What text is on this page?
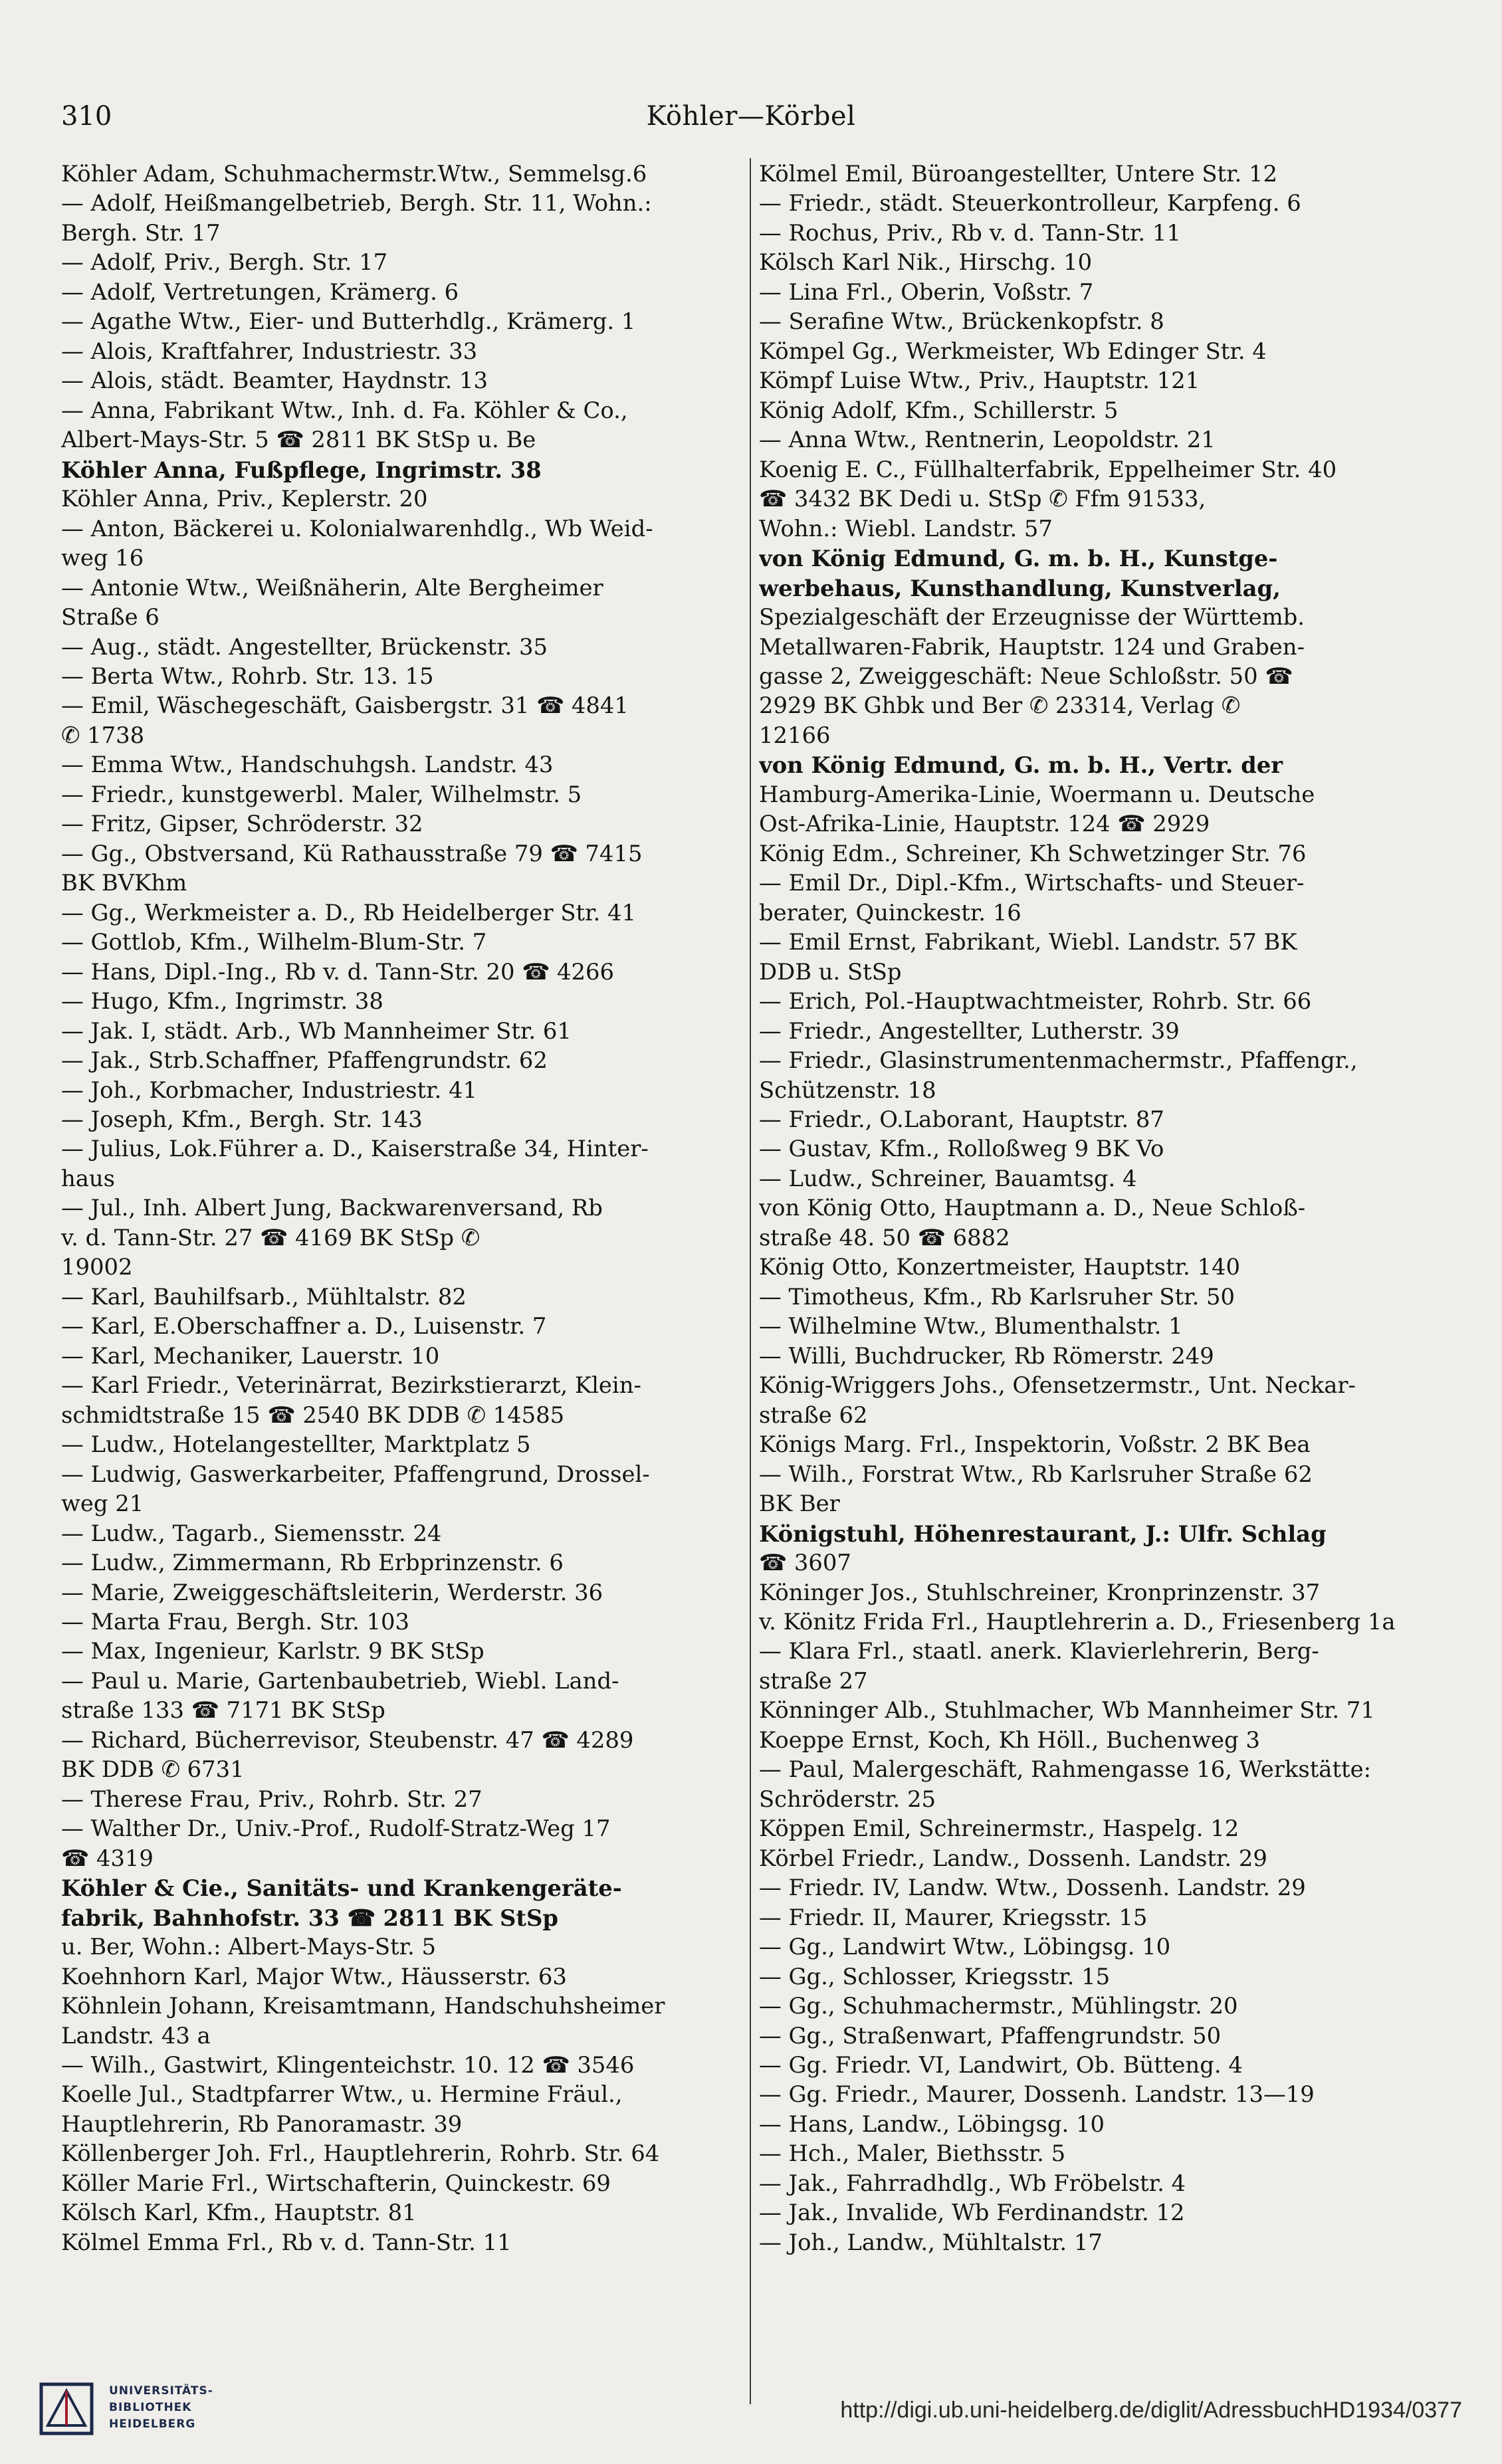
310	Köhler—Körbel
Köhler Adam, Schuhmachermstr.Wtw., Semmelsg.6
— Adolf, Heißmangelbetrieb, Bergh. Str. 11, Wohn.:
Bergh. Str. 17
— Adolf, Priv., Bergh. Str. 17
— Adolf, Vertretungen, Krämerg. 6
— Agathe Wtw., Eier- und Butterhdlg., Krämerg. 1
— Alois, Kraftfahrer, Industriestr. 33
— Alois, städt. Beamter, Haydnstr. 13
— Anna, Fabrikant Wtw., Inh. d. Fa. Köhler & Co.,
Albert-Mays-Str. 5 ☎ 2811 BK StSp u. Be
Köhler Anna, Fußpflege, Ingrimstr. 38
Köhler Anna, Priv., Keplerstr. 20
— Anton, Bäckerei u. Kolonialwarenhdlg., Wb Weid-
weg 16
— Antonie Wtw., Weißnäherin, Alte Bergheimer
Straße 6
— Aug., städt. Angestellter, Brückenstr. 35
— Berta Wtw., Rohrb. Str. 13. 15
— Emil, Wäschegeschäft, Gaisbergstr. 31 ☎ 4841
✆ 1738
— Emma Wtw., Handschuhgsh. Landstr. 43
— Friedr., kunstgewerbl. Maler, Wilhelmstr. 5
— Fritz, Gipser, Schröderstr. 32
— Gg., Obstversand, Kü Rathausstraße 79 ☎ 7415
BK BVKhm
— Gg., Werkmeister a. D., Rb Heidelberger Str. 41
— Gottlob, Kfm., Wilhelm-Blum-Str. 7
— Hans, Dipl.-Ing., Rb v. d. Tann-Str. 20 ☎ 4266
— Hugo, Kfm., Ingrimstr. 38
— Jak. I, städt. Arb., Wb Mannheimer Str. 61
— Jak., Strb.Schaffner, Pfaffengrundstr. 62
— Joh., Korbmacher, Industriestr. 41
— Joseph, Kfm., Bergh. Str. 143
— Julius, Lok.Führer a. D., Kaiserstraße 34, Hinter-
haus
— Jul., Inh. Albert Jung, Backwarenversand, Rb
v. d. Tann-Str. 27 ☎ 4169 BK StSp ✆
19002
— Karl, Bauhilfsarb., Mühltalstr. 82
— Karl, E.Oberschaffner a. D., Luisenstr. 7
— Karl, Mechaniker, Lauerstr. 10
— Karl Friedr., Veterinärrat, Bezirkstierarzt, Klein-
schmidtstraße 15 ☎ 2540 BK DDB ✆ 14585
— Ludw., Hotelangestellter, Marktplatz 5
— Ludwig, Gaswerkarbeiter, Pfaffengrund, Drossel-
weg 21
— Ludw., Tagarb., Siemensstr. 24
— Ludw., Zimmermann, Rb Erbprinzenstr. 6
— Marie, Zweiggeschäftsleiterin, Werderstr. 36
— Marta Frau, Bergh. Str. 103
— Max, Ingenieur, Karlstr. 9 BK StSp
— Paul u. Marie, Gartenbaubetrieb, Wiebl. Land-
straße 133 ☎ 7171 BK StSp
— Richard, Bücherrevisor, Steubenstr. 47 ☎ 4289
BK DDB ✆ 6731
— Therese Frau, Priv., Rohrb. Str. 27
— Walther Dr., Univ.-Prof., Rudolf-Stratz-Weg 17
☎ 4319
Köhler & Cie., Sanitäts- und Krankengeräte-
fabrik, Bahnhofstr. 33 ☎ 2811 BK StSp
u. Ber, Wohn.: Albert-Mays-Str. 5
Koehnhorn Karl, Major Wtw., Häusserstr. 63
Köhnlein Johann, Kreisamtmann, Handschuhsheimer
Landstr. 43 a
— Wilh., Gastwirt, Klingenteichstr. 10. 12 ☎ 3546
Koelle Jul., Stadtpfarrer Wtw., u. Hermine Fräul.,
Hauptlehrerin, Rb Panoramastr. 39
Köllenberger Joh. Frl., Hauptlehrerin, Rohrb. Str. 64
Köller Marie Frl., Wirtschafterin, Quinckestr. 69
Kölsch Karl, Kfm., Hauptstr. 81
Kölmel Emma Frl., Rb v. d. Tann-Str. 11
Kölmel Emil, Büroangestellter, Untere Str. 12
— Friedr., städt. Steuerkontrolleur, Karpfeng. 6
— Rochus, Priv., Rb v. d. Tann-Str. 11
Kölsch Karl Nik., Hirschg. 10
— Lina Frl., Oberin, Voßstr. 7
— Serafine Wtw., Brückenkopfstr. 8
Kömpel Gg., Werkmeister, Wb Edinger Str. 4
Kömpf Luise Wtw., Priv., Hauptstr. 121
König Adolf, Kfm., Schillerstr. 5
— Anna Wtw., Rentnerin, Leopoldstr. 21
Koenig E. C., Füllhalterfabrik, Eppelheimer Str. 40
☎ 3432 BK Dedi u. StSp ✆ Ffm 91533,
Wohn.: Wiebl. Landstr. 57
von König Edmund, G. m. b. H., Kunstge-
werbehaus, Kunsthandlung, Kunstverlag,
Spezialgeschäft der Erzeugnisse der Württemb.
Metallwaren-Fabrik, Hauptstr. 124 und Graben-
gasse 2, Zweiggeschäft: Neue Schloßstr. 50 ☎
2929 BK Ghbk und Ber ✆ 23314, Verlag ✆
12166
von König Edmund, G. m. b. H., Vertr. der
Hamburg-Amerika-Linie, Woermann u. Deutsche
Ost-Afrika-Linie, Hauptstr. 124 ☎ 2929
König Edm., Schreiner, Kh Schwetzinger Str. 76
— Emil Dr., Dipl.-Kfm., Wirtschafts- und Steuer-
berater, Quinckestr. 16
— Emil Ernst, Fabrikant, Wiebl. Landstr. 57 BK
DDB u. StSp
— Erich, Pol.-Hauptwachtmeister, Rohrb. Str. 66
— Friedr., Angestellter, Lutherstr. 39
— Friedr., Glasinstrumentenmachermstr., Pfaffengr.,
Schützenstr. 18
— Friedr., O.Laborant, Hauptstr. 87
— Gustav, Kfm., Rolloßweg 9 BK Vo
— Ludw., Schreiner, Bauamtsg. 4
von König Otto, Hauptmann a. D., Neue Schloß-
straße 48. 50 ☎ 6882
König Otto, Konzertmeister, Hauptstr. 140
— Timotheus, Kfm., Rb Karlsruher Str. 50
— Wilhelmine Wtw., Blumenthalstr. 1
— Willi, Buchdrucker, Rb Römerstr. 249
König-Wriggers Johs., Ofensetzermstr., Unt. Neckar-
straße 62
Königs Marg. Frl., Inspektorin, Voßstr. 2 BK Bea
— Wilh., Forstrat Wtw., Rb Karlsruher Straße 62
BK Ber
Königstuhl, Höhenrestaurant, J.: Ulfr. Schlag
☎ 3607
Köninger Jos., Stuhlschreiner, Kronprinzenstr. 37
v. Könitz Frida Frl., Hauptlehrerin a. D., Friesenberg 1a
— Klara Frl., staatl. anerk. Klavierlehrerin, Berg-
straße 27
Könninger Alb., Stuhlmacher, Wb Mannheimer Str. 71
Koeppe Ernst, Koch, Kh Höll., Buchenweg 3
— Paul, Malergeschäft, Rahmengasse 16, Werkstätte:
Schröderstr. 25
Köppen Emil, Schreinermstr., Haspelg. 12
Körbel Friedr., Landw., Dossenh. Landstr. 29
— Friedr. IV, Landw. Wtw., Dossenh. Landstr. 29
— Friedr. II, Maurer, Kriegsstr. 15
— Gg., Landwirt Wtw., Löbingsg. 10
— Gg., Schlosser, Kriegsstr. 15
— Gg., Schuhmachermstr., Mühlingstr. 20
— Gg., Straßenwart, Pfaffengrundstr. 50
— Gg. Friedr. VI, Landwirt, Ob. Bütteng. 4
— Gg. Friedr., Maurer, Dossenh. Landstr. 13—19
— Hans, Landw., Löbingsg. 10
— Hch., Maler, Biethsstr. 5
— Jak., Fahrradhdlg., Wb Fröbelstr. 4
— Jak., Invalide, Wb Ferdinandstr. 12
— Joh., Landw., Mühltalstr. 17
UNIVERSITÄTS-
BIBLIOTHEK
HEIDELBERG
http://digi.ub.uni-heidelberg.de/diglit/AdressbuchHD1934/0377
